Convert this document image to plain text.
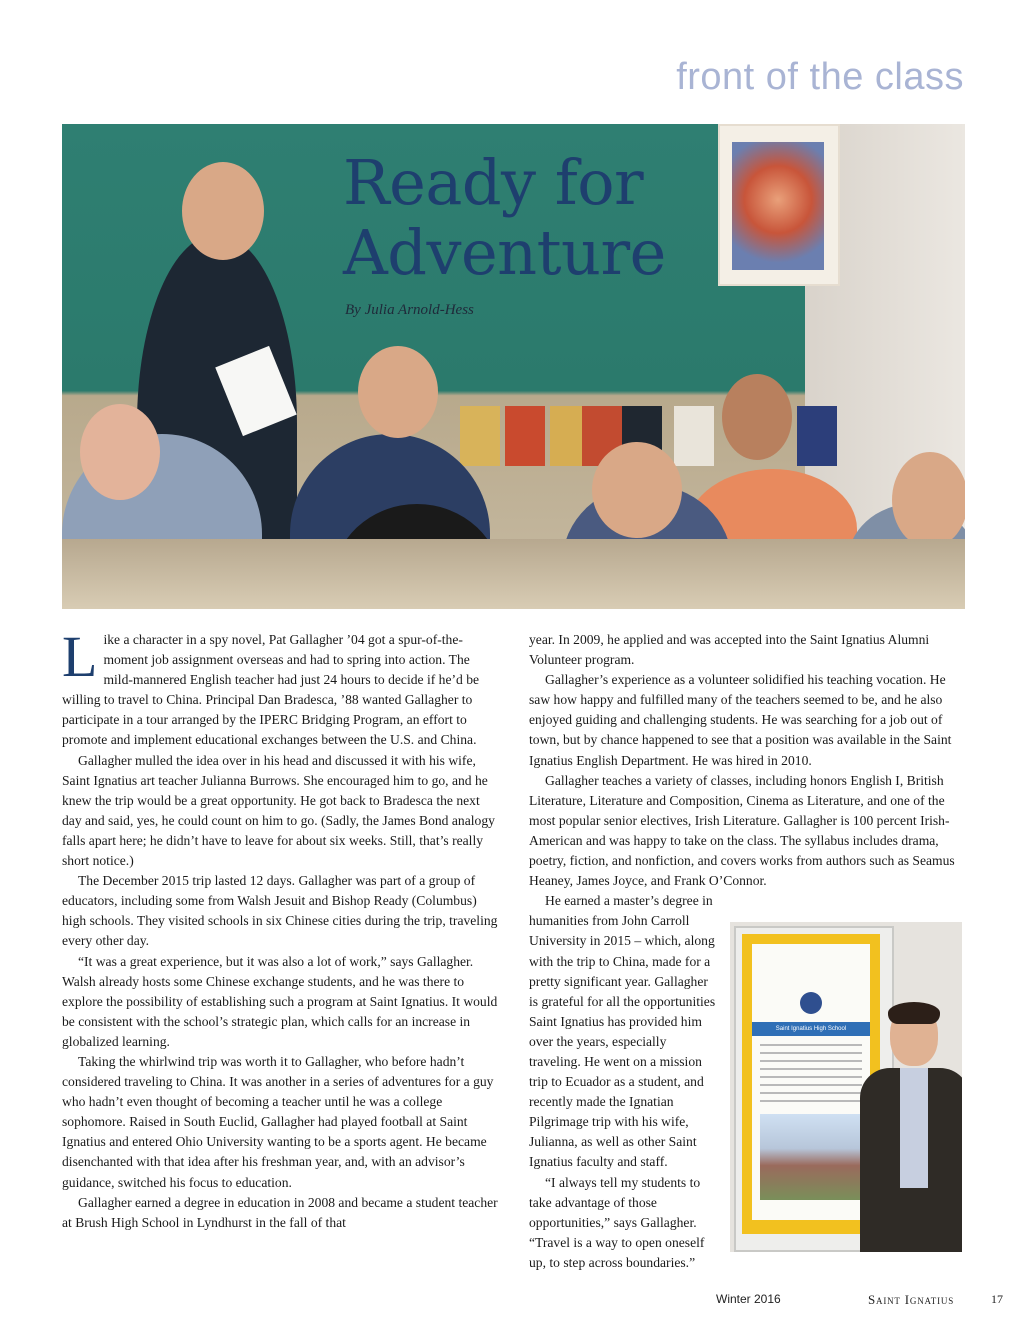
front of the class
Ready for
Adventure
By Julia Arnold-Hess

Like a character in a spy novel, Pat Gallagher ’04 got a spur-of-the-moment job assignment overseas and had to spring into action. The mild-mannered English teacher had just 24 hours to decide if he’d be willing to travel to China. Principal Dan Bradesca, ’88 wanted Gallagher to participate in a tour arranged by the IPERC Bridging Program, an effort to promote and implement educational exchanges between the U.S. and China.

Gallagher mulled the idea over in his head and discussed it with his wife, Saint Ignatius art teacher Julianna Burrows. She encouraged him to go, and he knew the trip would be a great opportunity. He got back to Bradesca the next day and said, yes, he could count on him to go. (Sadly, the James Bond analogy falls apart here; he didn’t have to leave for about six weeks. Still, that’s really short notice.)

The December 2015 trip lasted 12 days. Gallagher was part of a group of educators, including some from Walsh Jesuit and Bishop Ready (Columbus) high schools. They visited schools in six Chinese cities during the trip, traveling every other day.

“It was a great experience, but it was also a lot of work,” says Gallagher. Walsh already hosts some Chinese exchange students, and he was there to explore the possibility of establishing such a program at Saint Ignatius. It would be consistent with the school’s strategic plan, which calls for an increase in globalized learning.

Taking the whirlwind trip was worth it to Gallagher, who before hadn’t considered traveling to China. It was another in a series of adventures for a guy who hadn’t even thought of becoming a teacher until he was a college sophomore. Raised in South Euclid, Gallagher had played football at Saint Ignatius and entered Ohio University wanting to be a sports agent. He became disenchanted with that idea after his freshman year, and, with an advisor’s guidance, switched his focus to education.

Gallagher earned a degree in education in 2008 and became a student teacher at Brush High School in Lyndhurst in the fall of that

year. In 2009, he applied and was accepted into the Saint Ignatius Alumni Volunteer program.

Gallagher’s experience as a volunteer solidified his teaching vocation. He saw how happy and fulfilled many of the teachers seemed to be, and he also enjoyed guiding and challenging students. He was searching for a job out of town, but by chance happened to see that a position was available in the Saint Ignatius English Department. He was hired in 2010.

Gallagher teaches a variety of classes, including honors English I, British Literature, Literature and Composition, Cinema as Literature, and one of the most popular senior electives, Irish Literature. Gallagher is 100 percent Irish-American and was happy to take on the class. The syllabus includes drama, poetry, fiction, and nonfiction, and covers works from authors such as Seamus Heaney, James Joyce, and Frank O’Connor.

He earned a master’s degree in humanities from John Carroll University in 2015 – which, along with the trip to China, made for a pretty significant year. Gallagher is grateful for all the opportunities Saint Ignatius has provided him over the years, especially traveling. He went on a mission trip to Ecuador as a student, and recently made the Ignatian Pilgrimage trip with his wife, Julianna, as well as other Saint Ignatius faculty and staff.

“I always tell my students to take advantage of those opportunities,” says Gallagher. “Travel is a way to open oneself up, to step across boundaries.”

Saint Ignatius High School
Winter 2016	Saint Ignatius	17
